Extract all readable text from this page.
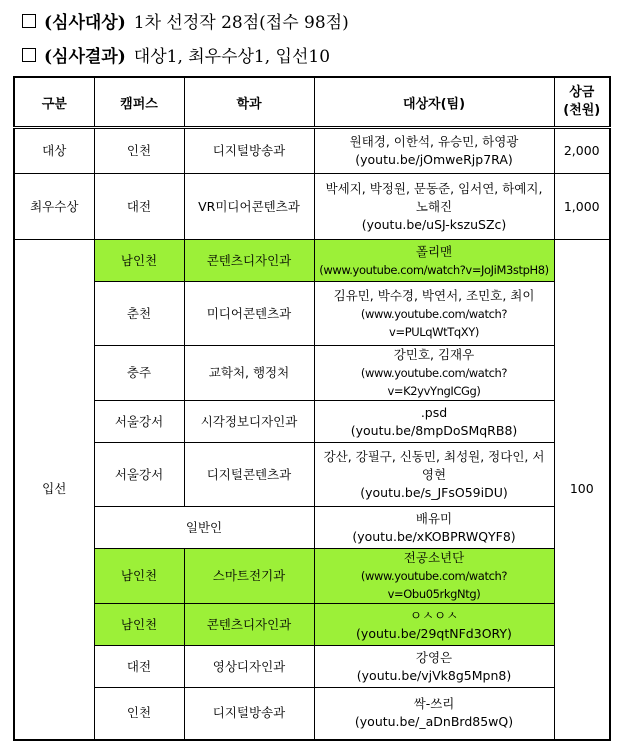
(심사대상) 1차 선정작 28점(접수 98점)
(심사결과) 대상1, 최우수상1, 입선10
구분	캠퍼스	학과	대상자(팀)	상금
(천원)
대상	인천	디지털방송과	원태경, 이한석, 유승민, 하영광
(youtu.be/jOmweRjp7RA)	2,000
최우수상	대전	VR미디어콘텐츠과	박세지, 박정원, 문동준, 임서연, 하예지, 노해진
(youtu.be/uSJ-kszuSZc)	1,000
입선	남인천	콘텐츠디자인과	폴리맨
(www.youtube.com/watch?v=JoJiM3stpH8)	100
	춘천	미디어콘텐츠과	김유민, 박수경, 박연서, 조민호, 최이
(www.youtube.com/watch?v=PULqWtTqXY)	

	충주	교학처, 행정처	강민호, 김재우
(www.youtube.com/watch?v=K2yvYngICGg)	

	서울강서	시각정보디자인과	.psd
(youtu.be/8mpDoSMqRB8)	

	서울강서	디지털콘텐츠과	강산, 강필구, 신동민, 최성원, 정다인, 서영현
(youtu.be/s_JFsO59iDU)	

	일반인		배유미
(youtu.be/xKOBPRWQYF8)	

	남인천	스마트전기과	전공소년단
(www.youtube.com/watch?v=Obu05rkgNtg)	

	남인천	콘텐츠디자인과	ㅇㅅㅇㅅ
(youtu.be/29qtNFd3ORY)	

	대전	영상디자인과	강영은
(youtu.be/vjVk8g5Mpn8)	

	인천	디지털방송과	싹-쓰리
(youtu.be/_aDnBrd85wQ)	
